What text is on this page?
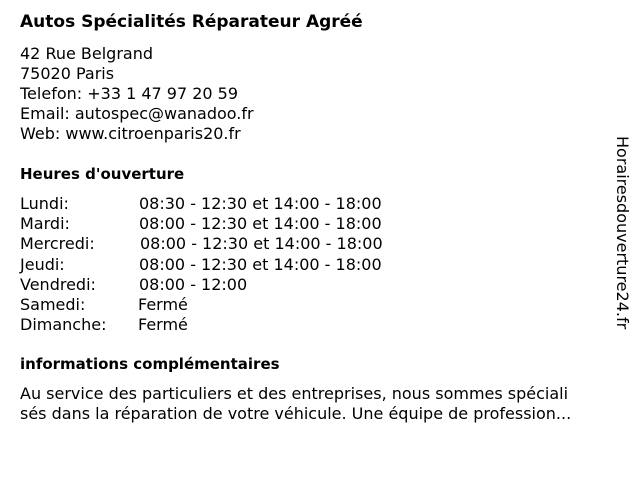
Autos Spécialités Réparateur Agréé
42 Rue Belgrand
75020 Paris
Telefon: +33 1 47 97 20 59
Email: autospec@wanadoo.fr
Web: www.citroenparis20.fr
Heures d'ouverture
Lundi:	08:30 - 12:30 et 14:00 - 18:00
Mardi:	08:00 - 12:30 et 14:00 - 18:00
Mercredi:	08:00 - 12:30 et 14:00 - 18:00
Jeudi:	08:00 - 12:30 et 14:00 - 18:00
Vendredi:	08:00 - 12:00
Samedi:	Fermé
Dimanche: Fermé
informations complémentaires
Au service des particuliers et des entreprises, nous sommes spéciali
sés dans la réparation de votre véhicule. Une équipe de profession...
Horairesdouverture24.fr
